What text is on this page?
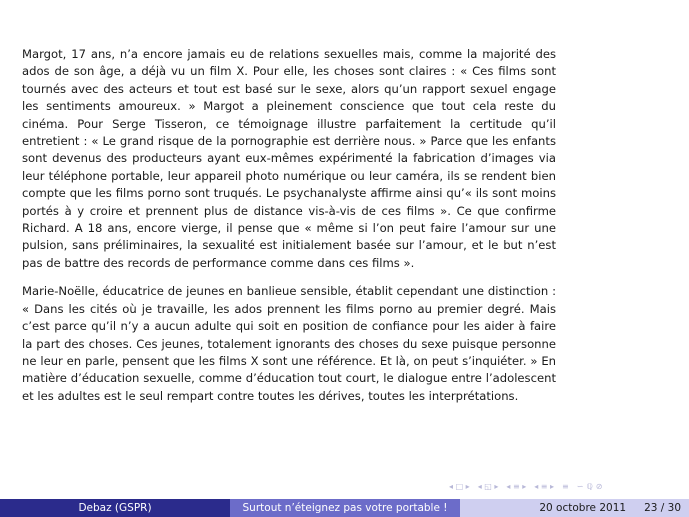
Margot, 17 ans, n’a encore jamais eu de relations sexuelles mais, comme la majorité des ados de son âge, a déjà vu un film X. Pour elle, les choses sont claires : « Ces films sont tournés avec des acteurs et tout est basé sur le sexe, alors qu’un rapport sexuel engage les sentiments amoureux. » Margot a pleinement conscience que tout cela reste du cinéma. Pour Serge Tisseron, ce témoignage illustre parfaitement la certitude qu’il entretient : « Le grand risque de la pornographie est derrière nous. » Parce que les enfants sont devenus des producteurs ayant eux-mêmes expérimenté la fabrication d’images via leur téléphone portable, leur appareil photo numérique ou leur caméra, ils se rendent bien compte que les films porno sont truqués. Le psychanalyste affirme ainsi qu’« ils sont moins portés à y croire et prennent plus de distance vis-à-vis de ces films ». Ce que confirme Richard. A 18 ans, encore vierge, il pense que « même si l’on peut faire l’amour sur une pulsion, sans préliminaires, la sexualité est initialement basée sur l’amour, et le but n’est pas de battre des records de performance comme dans ces films ».

Marie-Noëlle, éducatrice de jeunes en banlieue sensible, établit cependant une distinction : « Dans les cités où je travaille, les ados prennent les films porno au premier degré. Mais c’est parce qu’il n’y a aucun adulte qui soit en position de confiance pour les aider à faire la part des choses. Ces jeunes, totalement ignorants des choses du sexe puisque personne ne leur en parle, pensent que les films X sont une référence. Et là, on peut s’inquiéter. » En matière d’éducation sexuelle, comme d’éducation tout court, le dialogue entre l’adolescent et les adultes est le seul rempart contre toutes les dérives, toutes les interprétations.

◂ □ ▸ ◂ ◱ ▸ ◂ ≡ ▸ ◂ ≡ ▸ ≡ ∽ ℚ ⊘
Debaz (GSPR)	Surtout n’éteignez pas votre portable !	20 octobre 2011 23 / 30
